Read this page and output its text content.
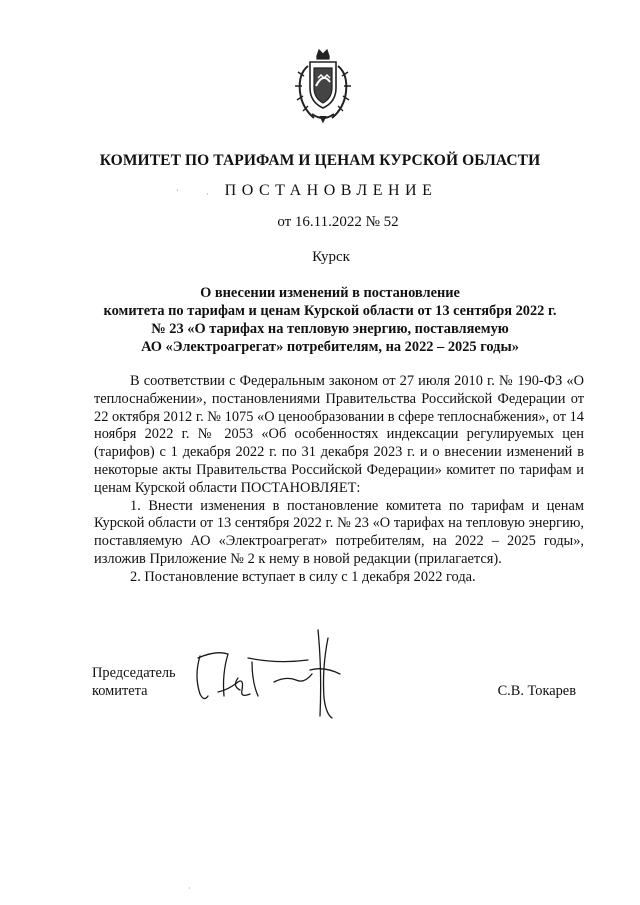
КОМИТЕТ ПО ТАРИФАМ И ЦЕНАМ КУРСКОЙ ОБЛАСТИ
ПОСТАНОВЛЕНИЕ
от 16.11.2022 № 52
Курск
О внесении изменений в постановление
комитета по тарифам и ценам Курской области от 13 сентября 2022 г.
№ 23 «О тарифах на тепловую энергию, поставляемую
АО «Электроагрегат» потребителям, на 2022 – 2025 годы»

В соответствии с Федеральным законом от 27 июля 2010 г. № 190-ФЗ «О теплоснабжении», постановлениями Правительства Российской Федерации от 22 октября 2012 г. № 1075 «О ценообразовании в сфере теплоснабжения», от 14 ноября 2022 г. № 2053 «Об особенностях индексации регулируемых цен (тарифов) с 1 декабря 2022 г. по 31 декабря 2023 г. и о внесении изменений в некоторые акты Правительства Российской Федерации» комитет по тарифам и ценам Курской области ПОСТАНОВЛЯЕТ:

1. Внести изменения в постановление комитета по тарифам и ценам Курской области от 13 сентября 2022 г. № 23 «О тарифах на тепловую энергию, поставляемую АО «Электроагрегат» потребителям, на 2022 – 2025 годы», изложив Приложение № 2 к нему в новой редакции (прилагается).

2. Постановление вступает в силу с 1 декабря 2022 года.

Председатель
комитета	С.В. Токарев
·	·
·
